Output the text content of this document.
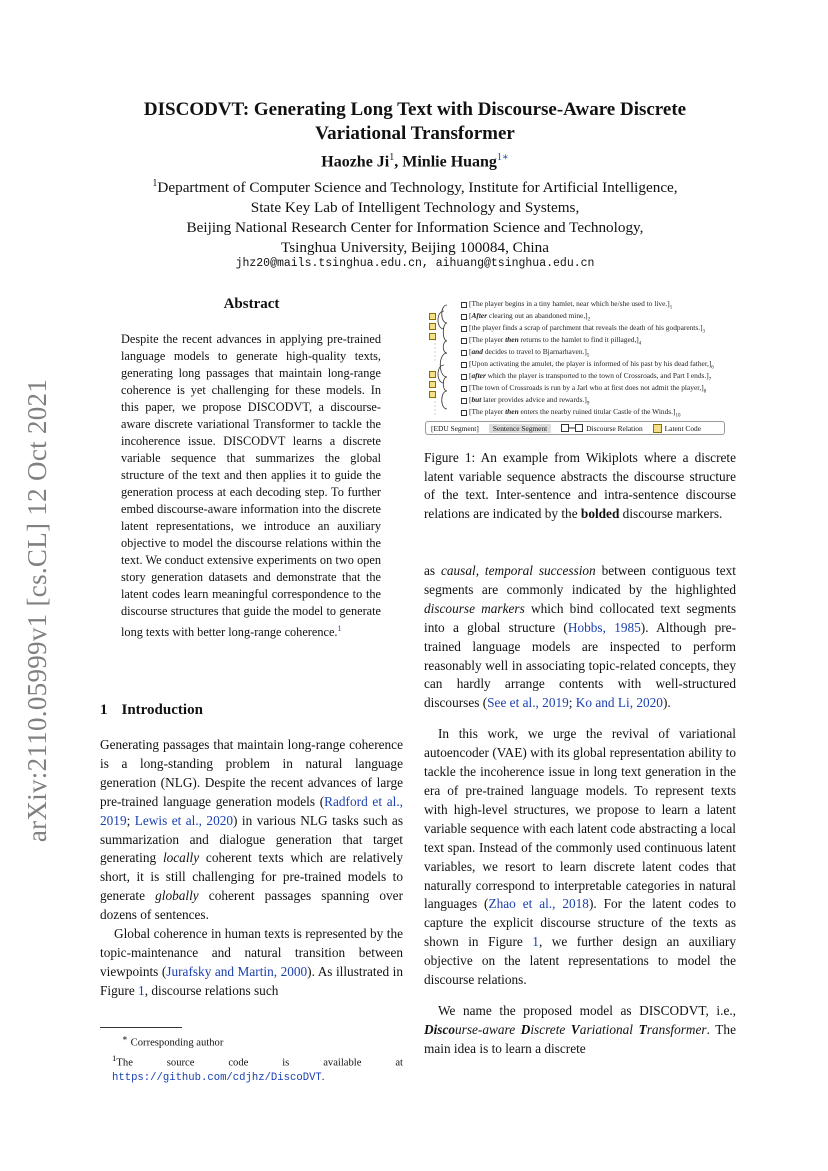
arXiv:2110.05999v1 [cs.CL] 12 Oct 2021
DISCODVT: Generating Long Text with Discourse-Aware Discrete
Variational Transformer
Haozhe Ji$^1$, Minlie Huang$^{1∗}$
$^1$Department of Computer Science and Technology, Institute for Artificial Intelligence,
State Key Lab of Intelligent Technology and Systems,
Beijing National Research Center for Information Science and Technology,
Tsinghua University, Beijing 100084, China
jhz20@mails.tsinghua.edu.cn, aihuang@tsinghua.edu.cn
Abstract
Despite the recent advances in applying pre-trained language models to generate high-quality texts, generating long passages that maintain long-range coherence is yet challenging for these models. In this paper, we propose DISCODVT, a discourse-aware discrete variational Transformer to tackle the incoherence issue. DISCODVT learns a discrete variable sequence that summarizes the global structure of the text and then applies it to guide the generation process at each decoding step. To further embed discourse-aware information into the discrete latent representations, we introduce an auxiliary objective to model the discourse relations within the text. We conduct extensive experiments on two open story generation datasets and demonstrate that the latent codes learn meaningful correspondence to the discourse structures that guide the model to generate long texts with better long-range coherence.$^1$
1 Introduction

Generating passages that maintain long-range coherence is a long-standing problem in natural language generation (NLG). Despite the recent advances of large pre-trained language generation models (Radford et al., 2019; Lewis et al., 2020) in various NLG tasks such as summarization and dialogue generation that target generating locally coherent texts which are relatively short, it is still challenging for pre-trained models to generate globally coherent passages spanning over dozens of sentences.

Global coherence in human texts is represented by the topic-maintenance and natural transition between viewpoints (Jurafsky and Martin, 2000). As illustrated in Figure 1, discourse relations such

∗ Corresponding author
$^1$The source code is available at https://github.com/cdjhz/DiscoDVT.
[The player begins in a tiny hamlet, near which he/she used to $live.]_1$
[After clearing out an abandoned $\min e,]_2$
[the player finds a scrap of parchment that reveals the death of his $godparents.]_3$
[The player then returns to the hamlet to find it $pillaged,]_4$
[and decides to travel to $Bjarnarhaven.]_5$
[Upon activating the amulet, the player is informed of his past by his dead $father,]_6$
[after which the player is transported to the town of Crossroads, and Part I $ends.]_7$
[The town of Crossroads is run by a Jarl who at first does not admit the $player,]_8$
[but later provides advice and $rewards.]_9$
[The player then enters the nearby ruined titular Castle of the $Winds.]_{10}$
[EDU Segment]	Sentence Segment	Discourse Relation	Latent Code
Figure 1: An example from Wikiplots where a discrete latent variable sequence abstracts the discourse structure of the text. Inter-sentence and intra-sentence discourse relations are indicated by the bolded discourse markers.

as causal, temporal succession between contiguous text segments are commonly indicated by the highlighted discourse markers which bind collocated text segments into a global structure (Hobbs, 1985). Although pre-trained language models are inspected to perform reasonably well in associating topic-related concepts, they can hardly arrange contents with well-structured discourses (See et al., 2019; Ko and Li, 2020).

In this work, we urge the revival of variational autoencoder (VAE) with its global representation ability to tackle the incoherence issue in long text generation in the era of pre-trained language models. To represent texts with high-level structures, we propose to learn a latent variable sequence with each latent code abstracting a local text span. Instead of the commonly used continuous latent variables, we resort to learn discrete latent codes that naturally correspond to interpretable categories in natural languages (Zhao et al., 2018). For the latent codes to capture the explicit discourse structure of the texts as shown in Figure 1, we further design an auxiliary objective on the latent representations to model the discourse relations.

We name the proposed model as DISCODVT, i.e., Discourse-aware Discrete Variational Transformer. The main idea is to learn a discrete
